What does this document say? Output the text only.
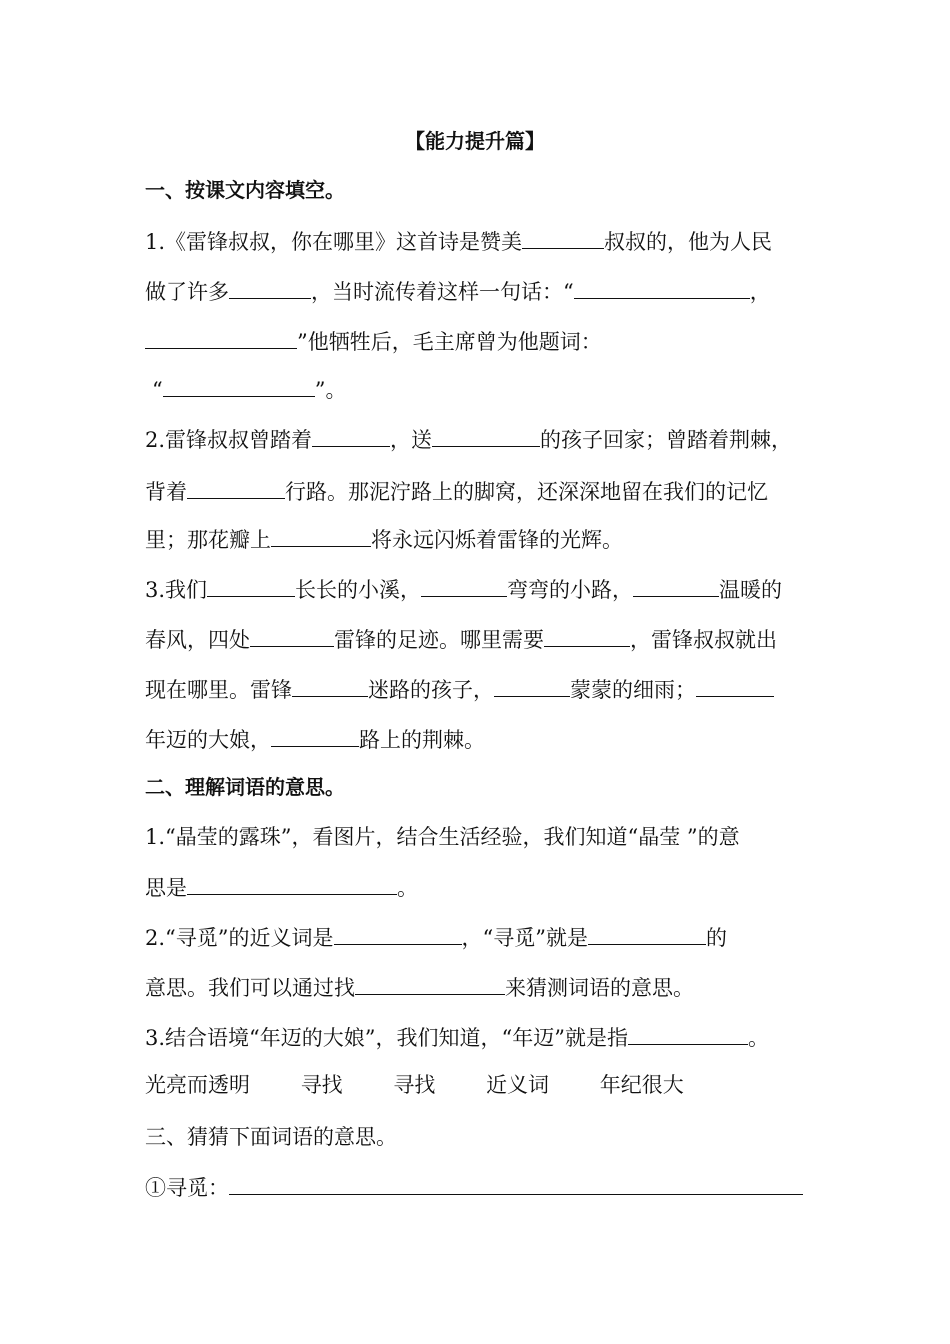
【能力提升篇】
一、按课文内容填空。
1.《雷锋叔叔，你在哪里》这首诗是赞美	叔叔的，他为人民
做了许多	，当时流传着这样一句话：“	，
”他牺牲后，毛主席曾为他题词：
“	”。
2.雷锋叔叔曾踏着	，送	的孩子回家；曾踏着荆棘，
背着	行路。那泥泞路上的脚窝，还深深地留在我们的记忆
里；那花瓣上	将永远闪烁着雷锋的光辉。
3.我们	长长的小溪，	弯弯的小路，	温暖的
春风，四处	雷锋的足迹。哪里需要	，雷锋叔叔就出
现在哪里。雷锋	迷路的孩子，	蒙蒙的细雨；
年迈的大娘，	路上的荆棘。
二、理解词语的意思。
1.“晶莹的露珠”，看图片，结合生活经验，我们知道“晶莹 ”的意
思是	。
2.“寻觅”的近义词是	，“寻觅”就是	的
意思。我们可以通过找	来猜测词语的意思。
3.结合语境“年迈的大娘”，我们知道，“年迈”就是指	。
光亮而透明 寻找 寻找 近义词 年纪很大
三、猜猜下面词语的意思。
①寻觅：
